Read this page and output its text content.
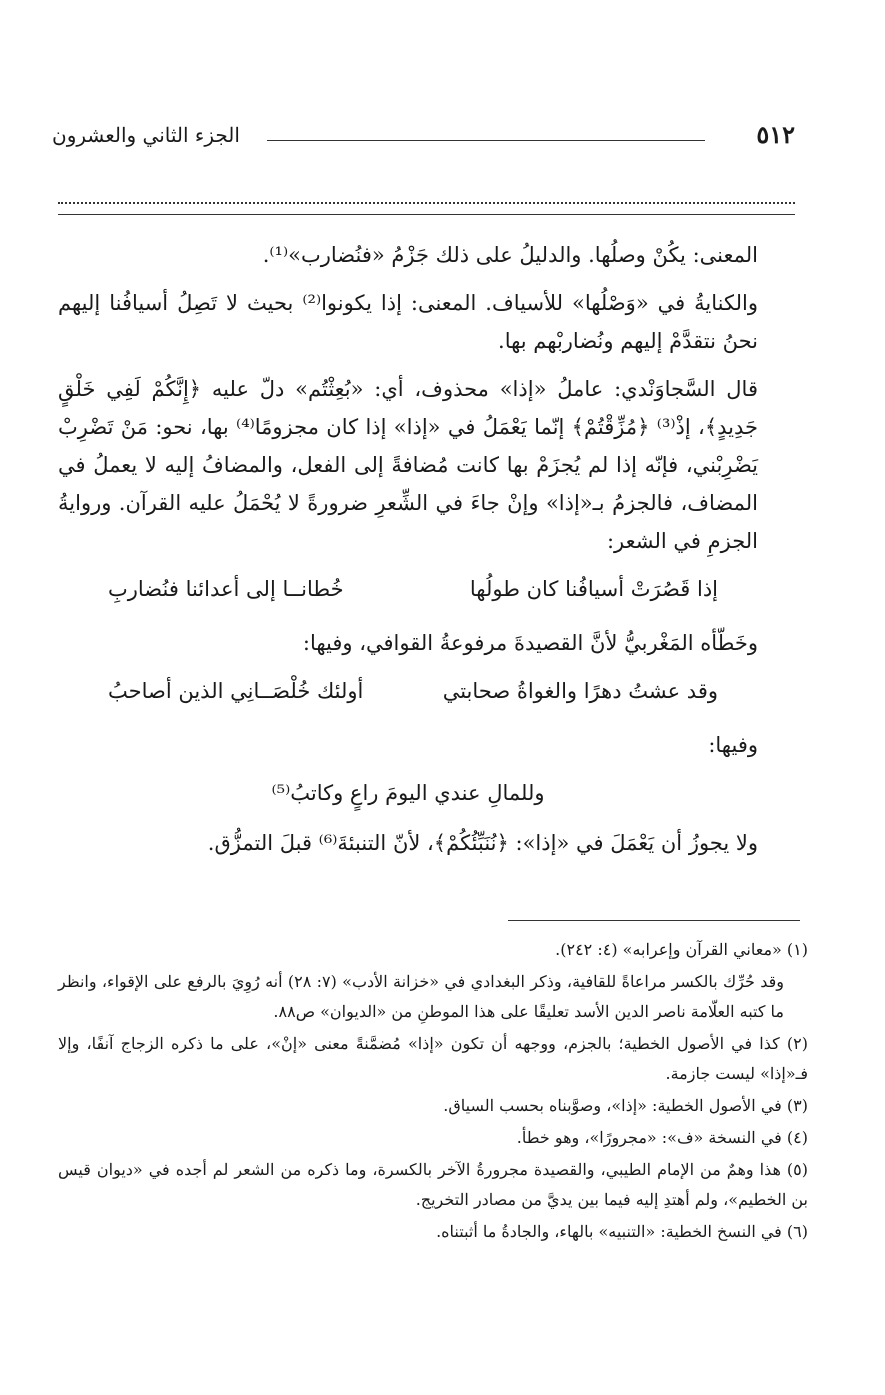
٥١٢
الجزء الثاني والعشرون

المعنى: يكُنْ وصلُها. والدليلُ على ذلك جَزْمُ «فنُضارب»⁽¹⁾.

والكنايةُ في «وَصْلُها» للأسياف. المعنى: إذا يكونوا⁽²⁾ بحيث لا تَصِلُ أسيافُنا إليهم نحنُ نتقدَّمْ إليهم ونُضاربْهم بها.

قال السَّجاوَنْدي: عاملُ «إذا» محذوف، أي: «بُعِثْتُم» دلّ عليه ﴿إِنَّكُمْ لَفِي خَلْقٍ جَدِيدٍ﴾، إذْ⁽³⁾ ﴿مُزِّقْتُمْ﴾ إنّما يَعْمَلُ في «إذا» إذا كان مجزومًا⁽⁴⁾ بها، نحو: مَنْ تَضْرِبْ يَضْرِبْني، فإنّه إذا لم يُجزَمْ بها كانت مُضافةً إلى الفعل، والمضافُ إليه لا يعملُ في المضاف، فالجزمُ بـ«إذا» وإنْ جاءَ في الشِّعرِ ضرورةً لا يُحْمَلُ عليه القرآن. وروايةُ الجزمِ في الشعر:

إذا قَصُرَتْ أسيافُنا كان طولُها
خُطانــا إلى أعدائنا فنُضاربِ

وخَطّأه المَغْربيُّ لأنَّ القصيدةَ مرفوعةُ القوافي، وفيها:

وقد عشتُ دهرًا والغواةُ صحابتي
أولئك خُلْصَــانِي الذين أصاحبُ

وفيها:

وللمالِ عندي اليومَ راعٍ وكاتبُ⁽⁵⁾

ولا يجوزُ أن يَعْمَلَ في «إذا»: ﴿نُنَبِّئُكُمْ﴾، لأنّ التنبئةَ⁽⁶⁾ قبلَ التمزُّق.

(١) «معاني القرآن وإعرابه» (٤: ٢٤٢).

وقد حُرِّك بالكسر مراعاةً للقافية، وذكر البغدادي في «خزانة الأدب» (٧: ٢٨) أنه رُوِيَ بالرفع على الإقواء، وانظر ما كتبه العلّامة ناصر الدين الأسد تعليقًا على هذا الموطنِ من «الديوان» ص٨٨.

(٢) كذا في الأصول الخطية؛ بالجزم، ووجهه أن تكون «إذا» مُضمَّنةً معنى «إنْ»، على ما ذكره الزجاج آنفًا، وإلا فـ«إذا» ليست جازمة.

(٣) في الأصول الخطية: «إذا»، وصوَّبناه بحسب السياق.

(٤) في النسخة «ف»: «مجرورًا»، وهو خطأ.

(٥) هذا وهمٌ من الإمام الطيبي، والقصيدة مجرورةُ الآخر بالكسرة، وما ذكره من الشعر لم أجده في «ديوان قيس بن الخطيم»، ولم أهتدِ إليه فيما بين يديَّ من مصادر التخريج.

(٦) في النسخ الخطية: «التنبيه» بالهاء، والجادةُ ما أثبتناه.
